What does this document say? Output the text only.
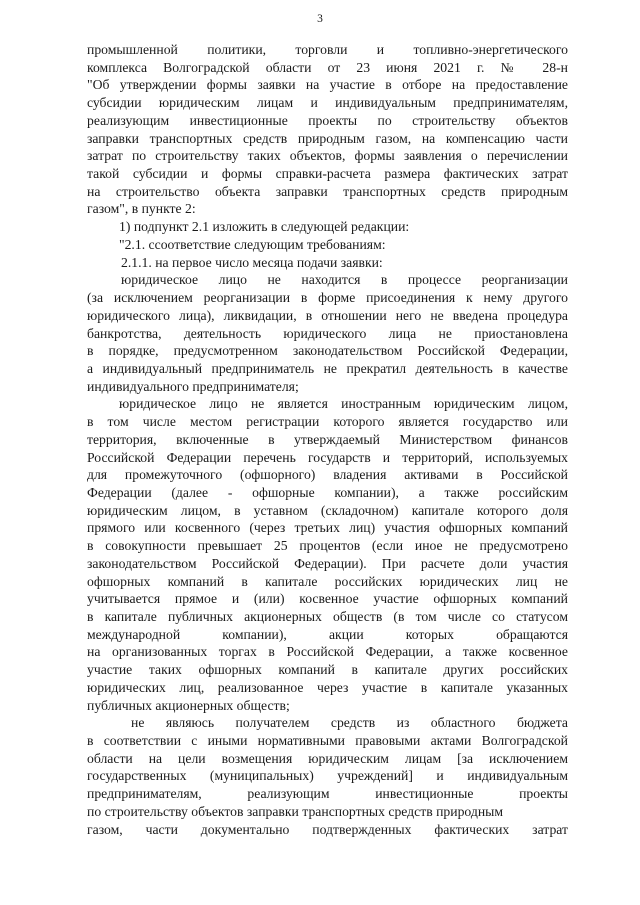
3
промышленной политики, торговли и топливно-энергетического
комплекса Волгоградской области от 23 июня 2021 г. № 28-н
"Об утверждении формы заявки на участие в отборе на предоставление
субсидии юридическим лицам и индивидуальным предпринимателям,
реализующим инвестиционные проекты по строительству объектов
заправки транспортных средств природным газом, на компенсацию части
затрат по строительству таких объектов, формы заявления о перечислении
такой субсидии и формы справки-расчета размера фактических затрат
на строительство объекта заправки транспортных средств природным
газом", в пункте 2:
1) подпункт 2.1 изложить в следующей редакции:
"2.1. ссоответствие следующим требованиям:
2.1.1. на первое число месяца подачи заявки:
юридическое лицо не находится в процессе реорганизации
(за исключением реорганизации в форме присоединения к нему другого
юридического лица), ликвидации, в отношении него не введена процедура
банкротства, деятельность юридического лица не приостановлена
в порядке, предусмотренном законодательством Российской Федерации,
а индивидуальный предприниматель не прекратил деятельность в качестве
индивидуального предпринимателя;
юридическое лицо не является иностранным юридическим лицом,
в том числе местом регистрации которого является государство или
территория, включенные в утверждаемый Министерством финансов
Российской Федерации перечень государств и территорий, используемых
для промежуточного (офшорного) владения активами в Российской
Федерации (далее - офшорные компании), а также российским
юридическим лицом, в уставном (складочном) капитале которого доля
прямого или косвенного (через третьих лиц) участия офшорных компаний
в совокупности превышает 25 процентов (если иное не предусмотрено
законодательством Российской Федерации). При расчете доли участия
офшорных компаний в капитале российских юридических лиц не
учитывается прямое и (или) косвенное участие офшорных компаний
в капитале публичных акционерных обществ (в том числе со статусом
международной компании), акции которых обращаются
на организованных торгах в Российской Федерации, а также косвенное
участие таких офшорных компаний в капитале других российских
юридических лиц, реализованное через участие в капитале указанных
публичных акционерных обществ;
не являюсь получателем средств из областного бюджета
в соответствии с иными нормативными правовыми актами Волгоградской
области на цели возмещения юридическим лицам [за исключением
государственных (муниципальных) учреждений] и индивидуальным
предпринимателям, реализующим инвестиционные проекты
по строительству объектов заправки транспортных средств природным
газом, части документально подтвержденных фактических затрат
